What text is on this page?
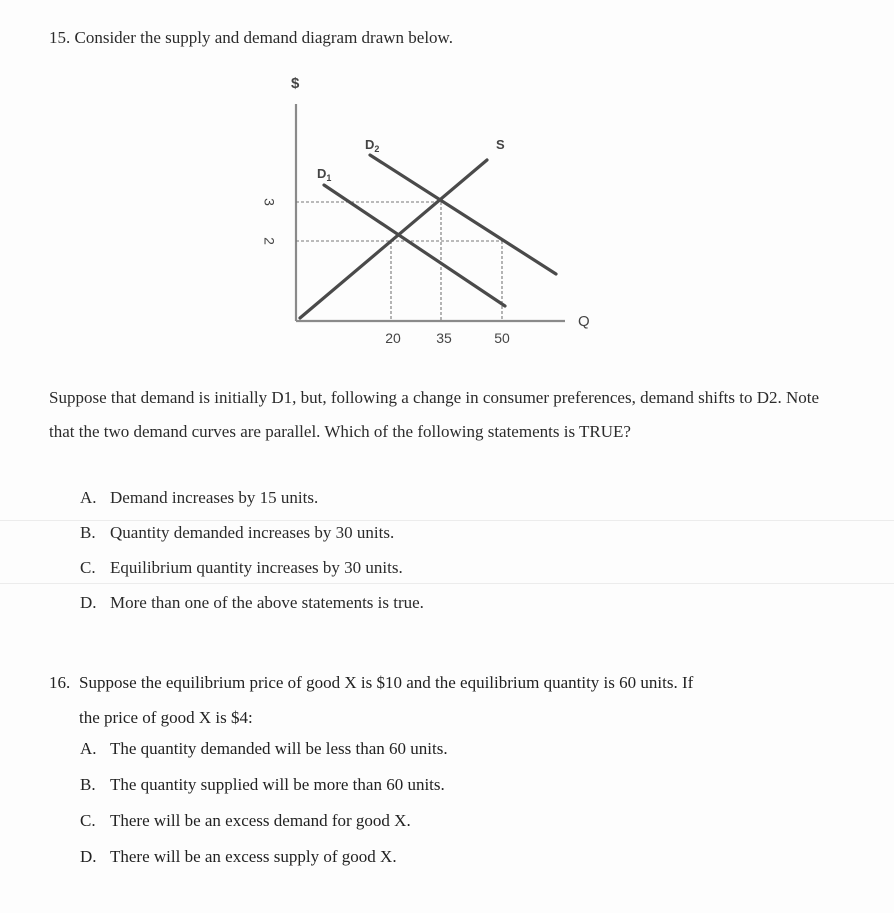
15. Consider the supply and demand diagram drawn below.
$
Q
S
$D_1$
$D_2$
3
2
20	35	50
Suppose that demand is initially D1, but, following a change in consumer preferences, demand shifts to D2. Note that the two demand curves are parallel. Which of the following statements is TRUE?
A. Demand increases by 15 units.
B. Quantity demanded increases by 30 units.
C. Equilibrium quantity increases by 30 units.
D. More than one of the above statements is true.
16. Suppose the equilibrium price of good X is $10 and the equilibrium quantity is 60 units. If
the price of good X is $4:
A. The quantity demanded will be less than 60 units.
B. The quantity supplied will be more than 60 units.
C. There will be an excess demand for good X.
D. There will be an excess supply of good X.
